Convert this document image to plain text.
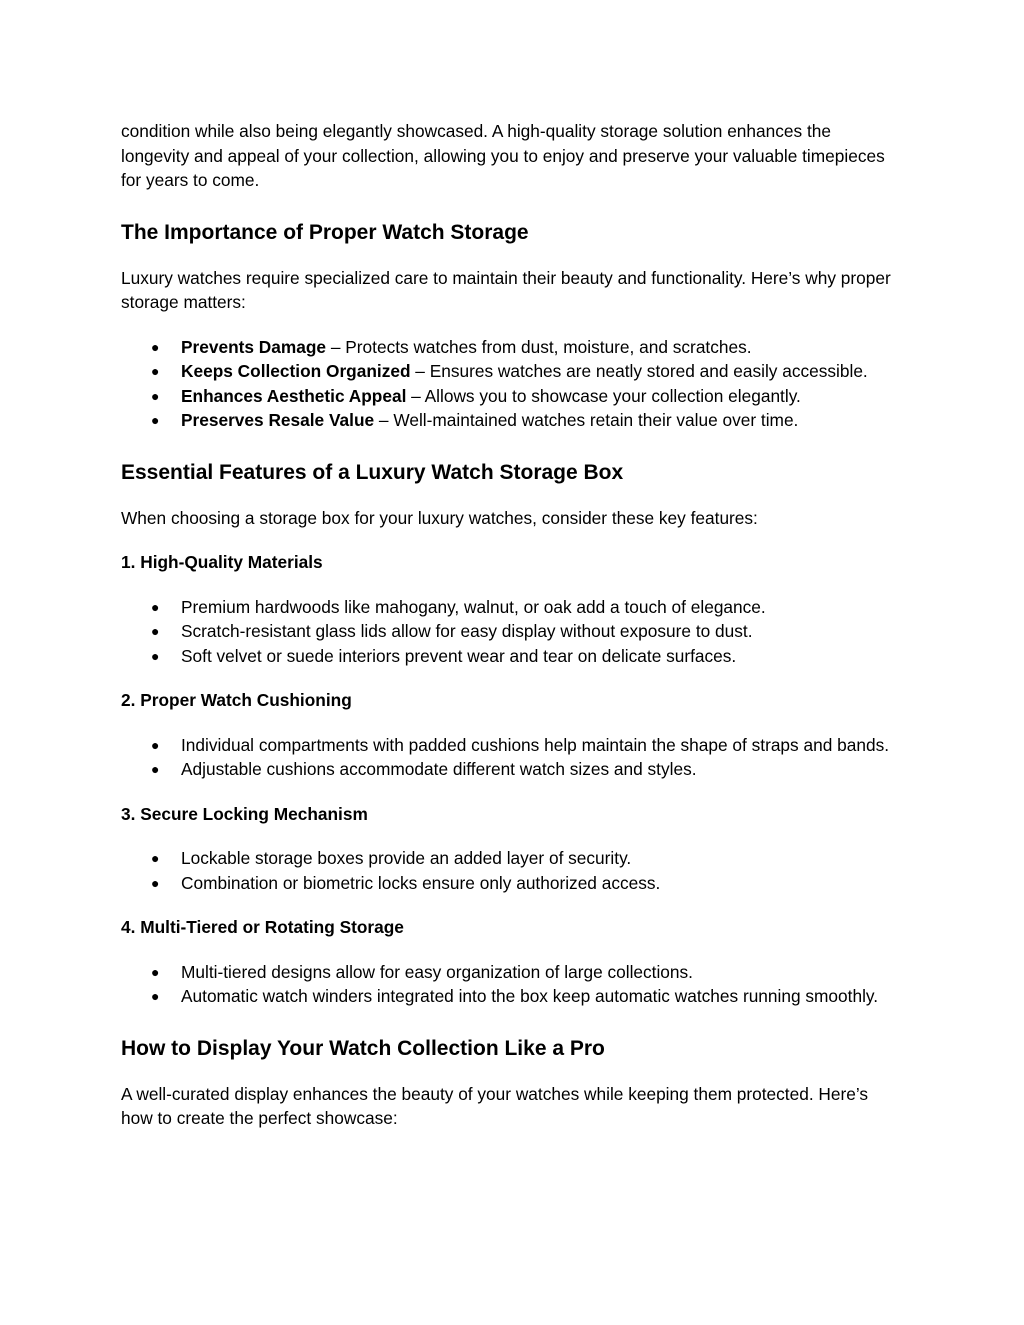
condition while also being elegantly showcased. A high-quality storage solution enhances the longevity and appeal of your collection, allowing you to enjoy and preserve your valuable timepieces for years to come.

The Importance of Proper Watch Storage

Luxury watches require specialized care to maintain their beauty and functionality. Here’s why proper storage matters:

● Prevents Damage – Protects watches from dust, moisture, and scratches.
● Keeps Collection Organized – Ensures watches are neatly stored and easily accessible.
● Enhances Aesthetic Appeal – Allows you to showcase your collection elegantly.
● Preserves Resale Value – Well-maintained watches retain their value over time.
Essential Features of a Luxury Watch Storage Box

When choosing a storage box for your luxury watches, consider these key features:

1. High-Quality Materials
● Premium hardwoods like mahogany, walnut, or oak add a touch of elegance.
● Scratch-resistant glass lids allow for easy display without exposure to dust.
● Soft velvet or suede interiors prevent wear and tear on delicate surfaces.
2. Proper Watch Cushioning
● Individual compartments with padded cushions help maintain the shape of straps and bands.
● Adjustable cushions accommodate different watch sizes and styles.
3. Secure Locking Mechanism
● Lockable storage boxes provide an added layer of security.
● Combination or biometric locks ensure only authorized access.
4. Multi-Tiered or Rotating Storage
● Multi-tiered designs allow for easy organization of large collections.
● Automatic watch winders integrated into the box keep automatic watches running smoothly.
How to Display Your Watch Collection Like a Pro

A well-curated display enhances the beauty of your watches while keeping them protected. Here’s how to create the perfect showcase:
